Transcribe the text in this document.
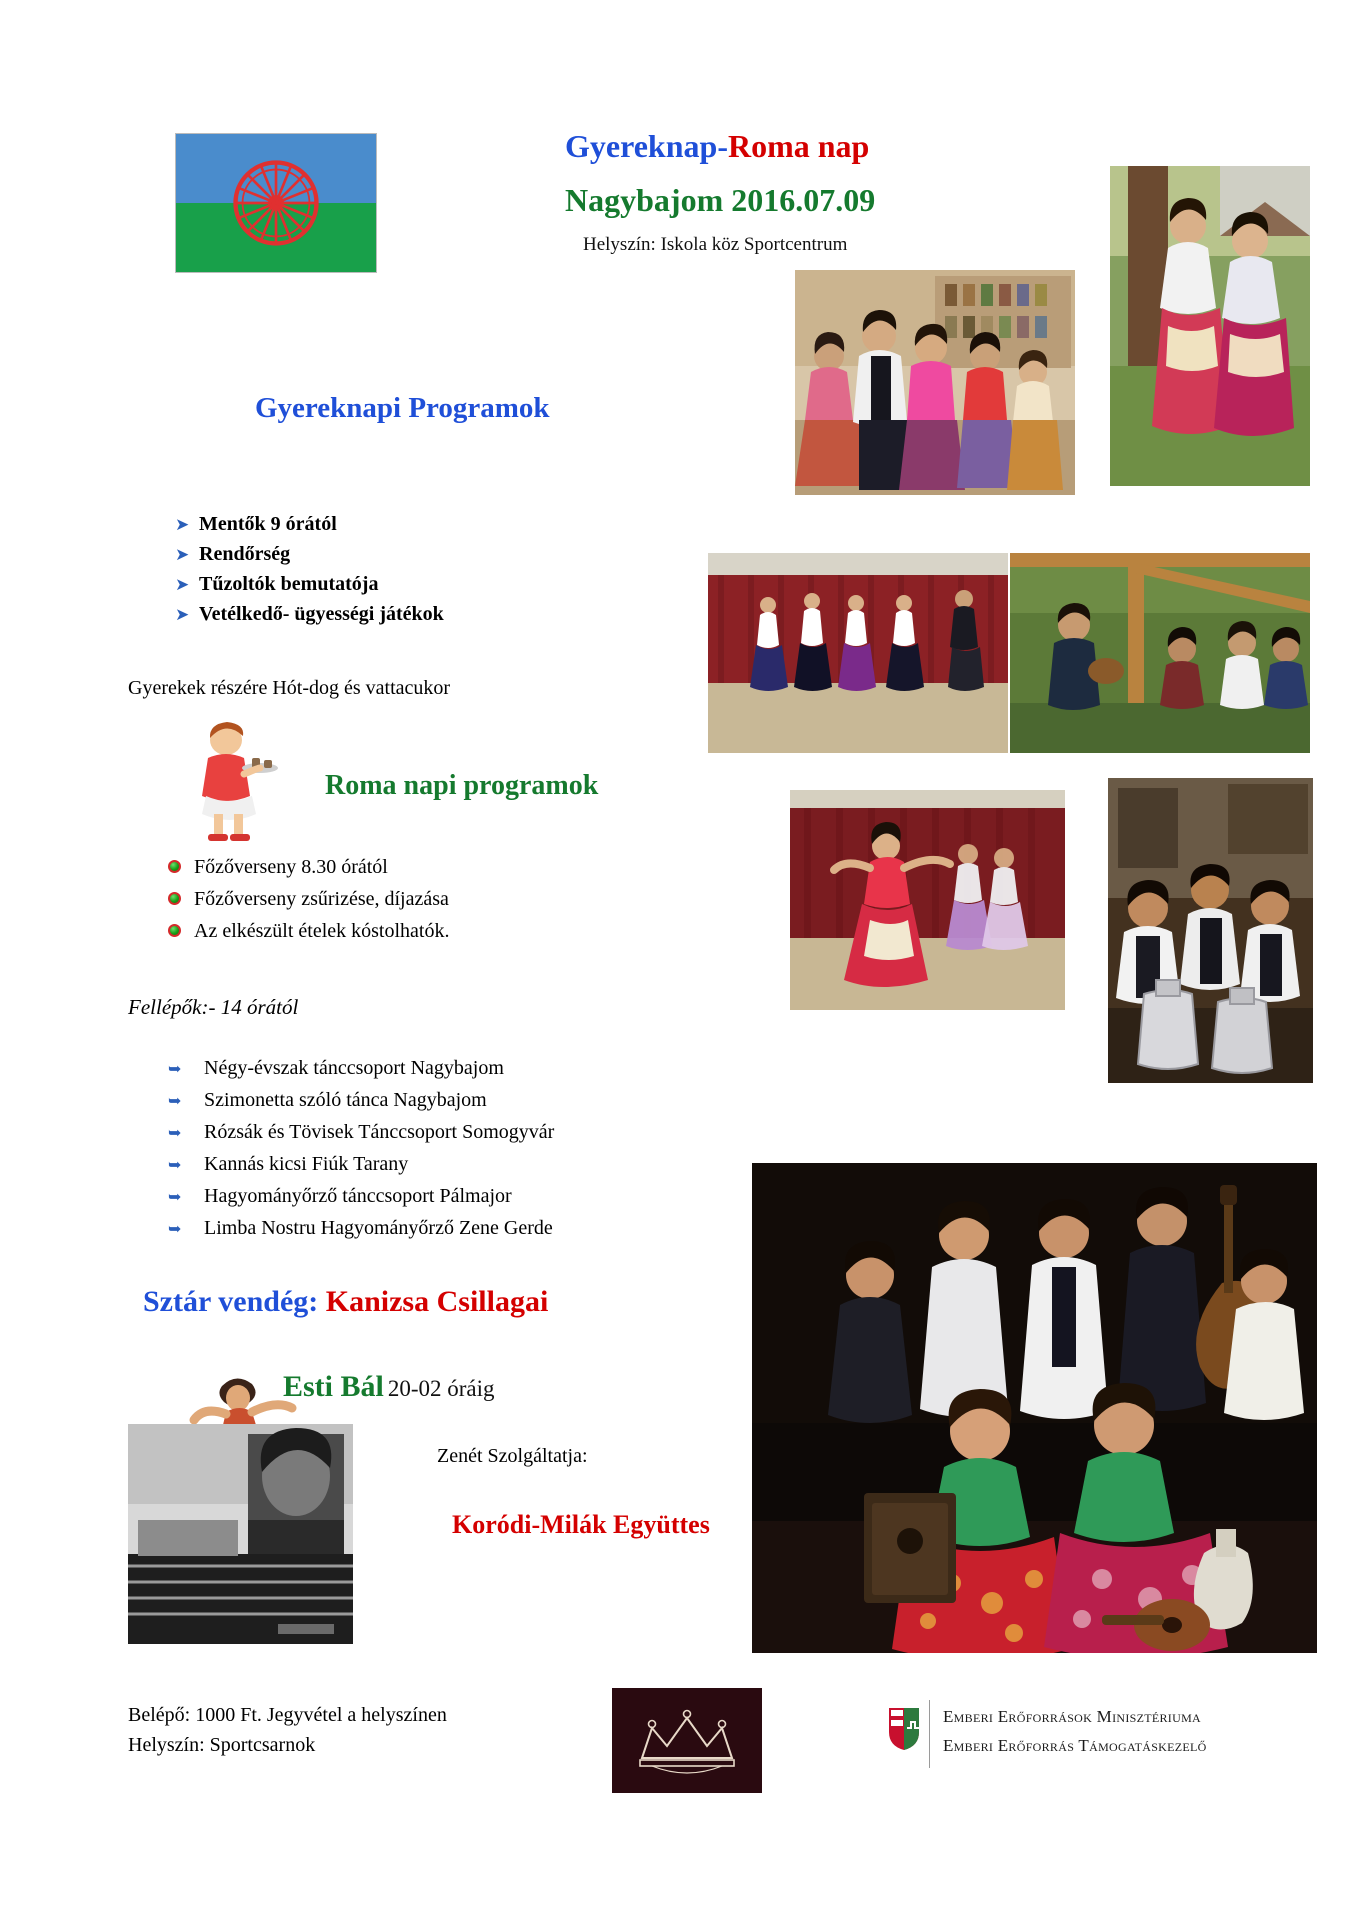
Gyereknap-Roma nap
Nagybajom 2016.07.09
Helyszín: Iskola köz Sportcentrum
Gyereknapi Programok
➤ Mentők 9 órától
➤ Rendőrség
➤ Tűzoltók bemutatója
➤ Vetélkedő- ügyességi játékok
Gyerekek részére Hót-dog és vattacukor
Roma napi programok
Főzőverseny 8.30 órától
Főzőverseny zsűrizése, díjazása
Az elkészült ételek kóstolhatók.
Fellépők:- 14 órától
➥	Négy-évszak tánccsoport Nagybajom
➥	Szimonetta szóló tánca Nagybajom
➥	Rózsák és Tövisek Tánccsoport Somogyvár
➥	Kannás kicsi Fiúk Tarany
➥	Hagyományőrző tánccsoport Pálmajor
➥	Limba Nostru Hagyományőrző Zene Gerde
Sztár vendég: Kanizsa Csillagai
Esti Bál 20-02 óráig
Zenét Szolgáltatja:
Koródi-Milák Együttes
Belépő: 1000 Ft. Jegyvétel a helyszínen
Helyszín: Sportcsarnok
Emberi Erőforrások Minisztériuma
Emberi Erőforrás Támogatáskezelő
